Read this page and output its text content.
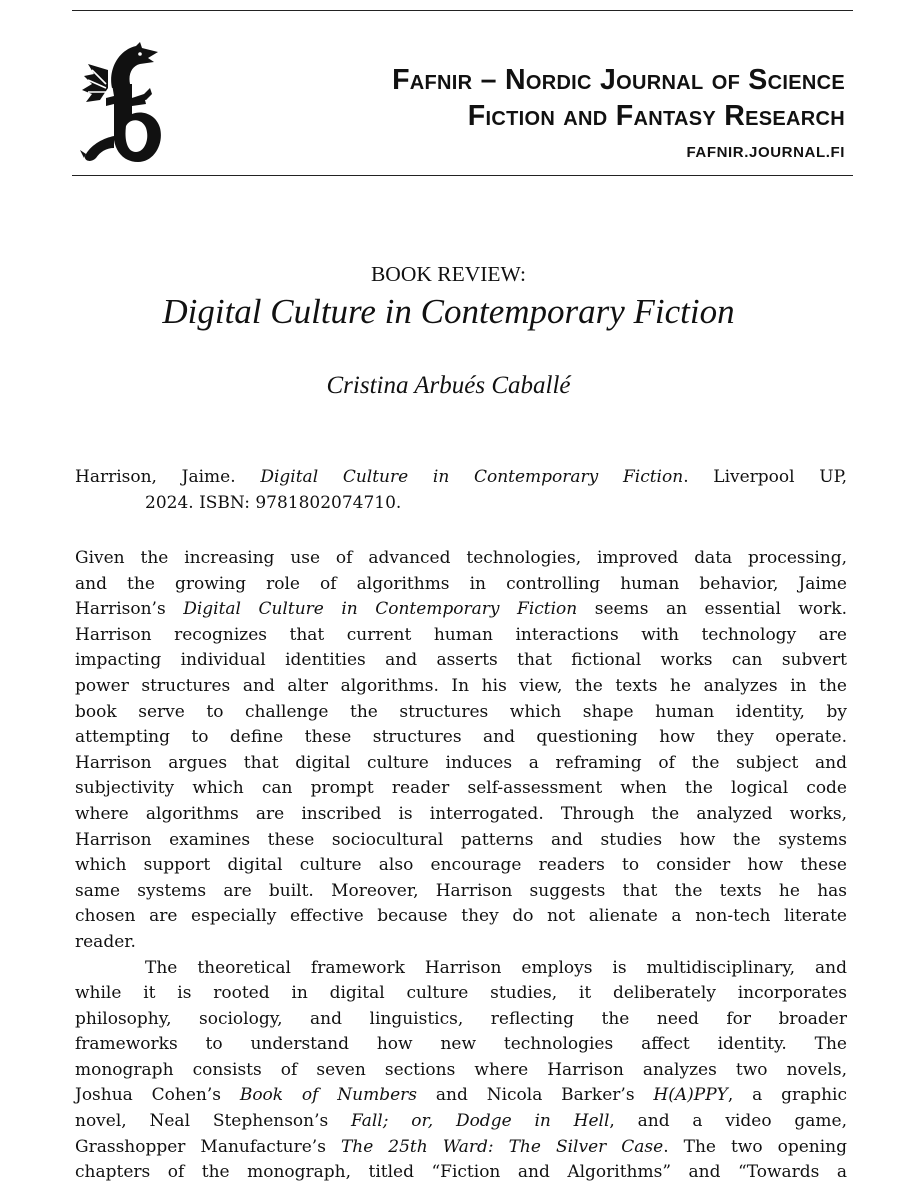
Fafnir – Nordic Journal of Science
Fiction and Fantasy Research
FAFNIR.JOURNAL.FI
BOOK REVIEW:
Digital Culture in Contemporary Fiction
Cristina Arbués Caballé
Harrison, Jaime. Digital Culture in Contemporary Fiction. Liverpool UP,
2024. ISBN: 9781802074710.
Given the increasing use of advanced technologies, improved data processing,
and the growing role of algorithms in controlling human behavior, Jaime
Harrison’s Digital Culture in Contemporary Fiction seems an essential work.
Harrison recognizes that current human interactions with technology are
impacting individual identities and asserts that fictional works can subvert
power structures and alter algorithms. In his view, the texts he analyzes in the
book serve to challenge the structures which shape human identity, by
attempting to define these structures and questioning how they operate.
Harrison argues that digital culture induces a reframing of the subject and
subjectivity which can prompt reader self-assessment when the logical code
where algorithms are inscribed is interrogated. Through the analyzed works,
Harrison examines these sociocultural patterns and studies how the systems
which support digital culture also encourage readers to consider how these
same systems are built. Moreover, Harrison suggests that the texts he has
chosen are especially effective because they do not alienate a non-tech literate
reader.
The theoretical framework Harrison employs is multidisciplinary, and
while it is rooted in digital culture studies, it deliberately incorporates
philosophy, sociology, and linguistics, reflecting the need for broader
frameworks to understand how new technologies affect identity. The
monograph consists of seven sections where Harrison analyzes two novels,
Joshua Cohen’s Book of Numbers and Nicola Barker’s H(A)PPY, a graphic
novel, Neal Stephenson’s Fall; or, Dodge in Hell, and a video game,
Grasshopper Manufacture’s The 25th Ward: The Silver Case. The two opening
chapters of the monograph, titled “Fiction and Algorithms” and “Towards a
